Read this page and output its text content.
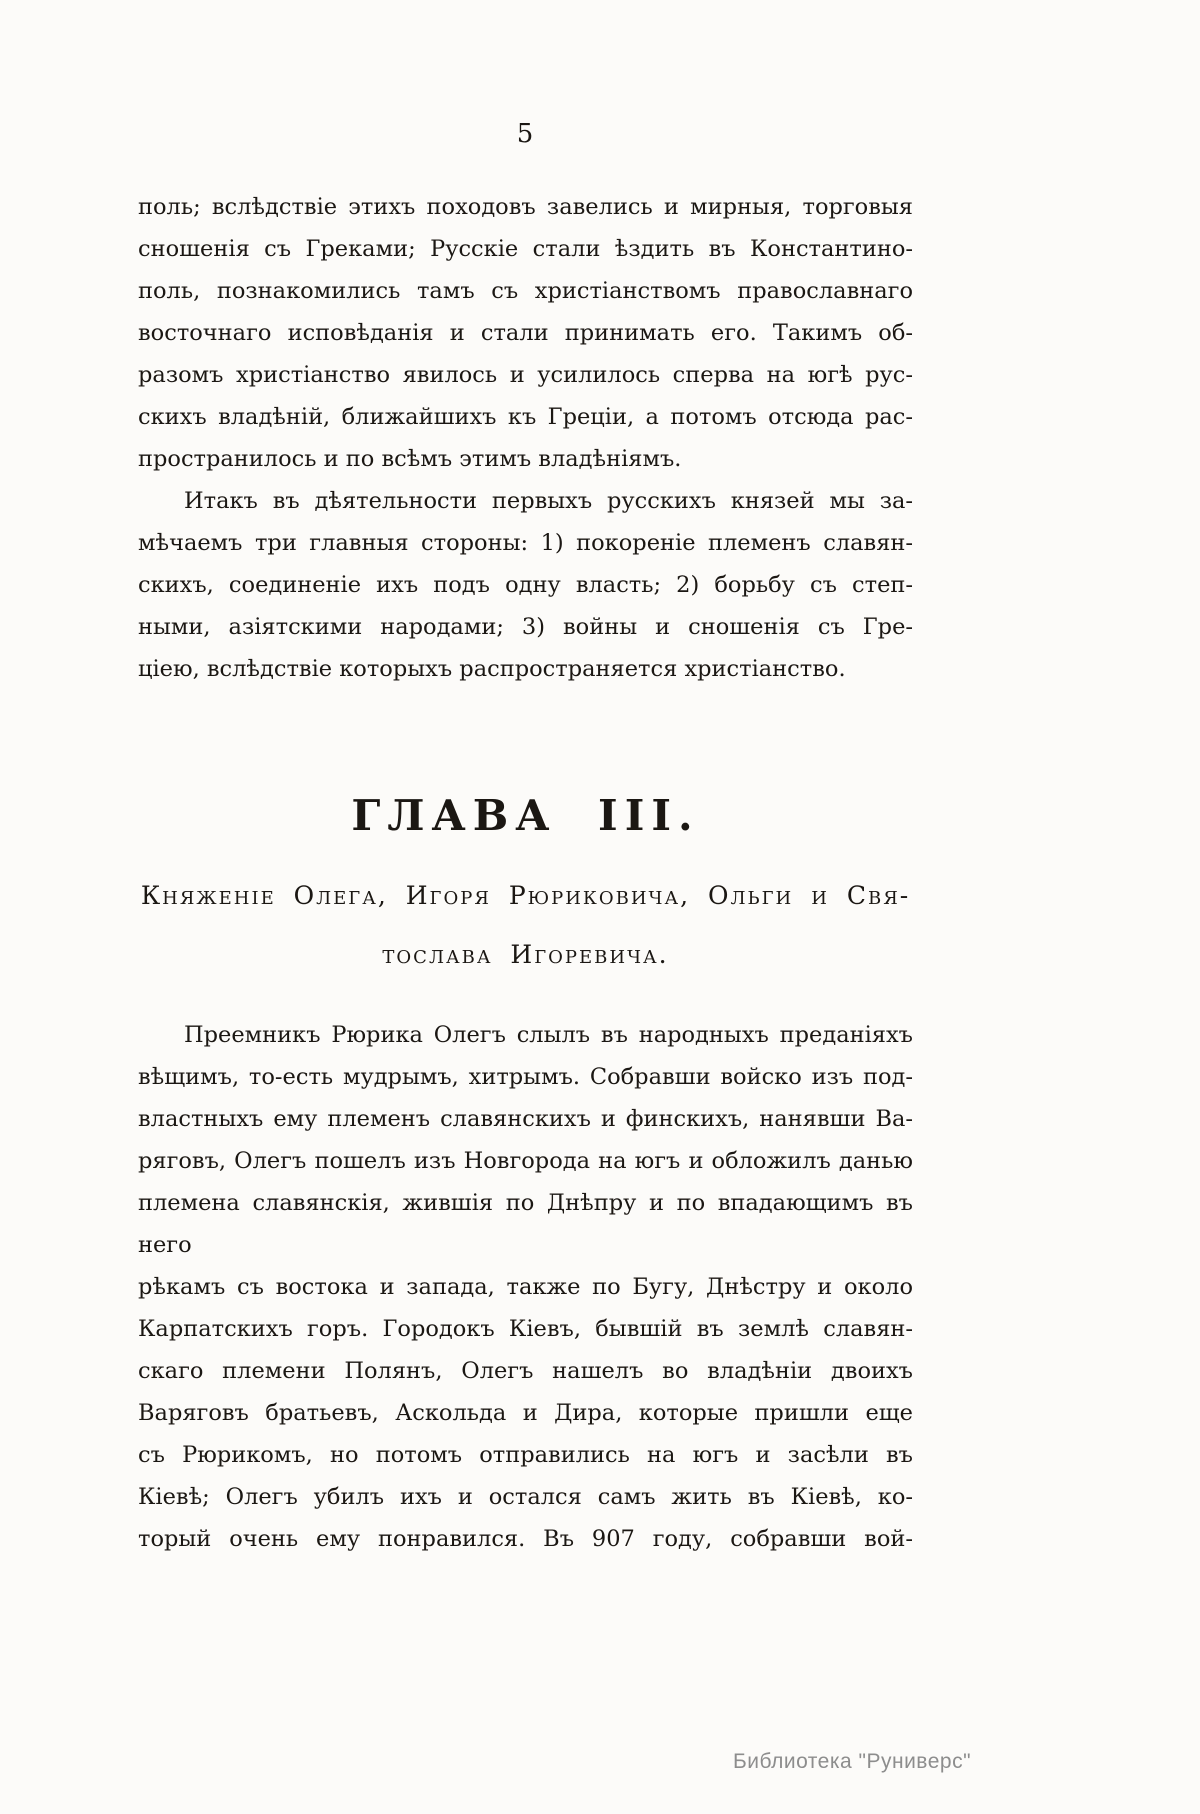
5
поль; вслѣдствіе этихъ походовъ завелись и мирныя, торговыя
сношенія съ Греками; Русскіе стали ѣздить въ Константино-
поль, познакомились тамъ съ христіанствомъ православнаго
восточнаго исповѣданія и стали принимать его. Такимъ об-
разомъ христіанство явилось и усилилось сперва на югѣ рус-
скихъ владѣній, ближайшихъ къ Греціи, а потомъ отсюда рас-
пространилось и по всѣмъ этимъ владѣніямъ.
Итакъ въ дѣятельности первыхъ русскихъ князей мы за-
мѣчаемъ три главныя стороны: 1) покореніе племенъ славян-
скихъ, соединеніе ихъ подъ одну власть; 2) борьбу съ степ-
ными, азіятскими народами; 3) войны и сношенія съ Гре-
ціею, вслѣдствіе которыхъ распространяется христіанство.
ГЛАВА III.
Княженіе Олега, Игоря Рюриковича, Ольги и Свя-
тослава Игоревича.
Преемникъ Рюрика Олегъ слылъ въ народныхъ преданіяхъ
вѣщимъ, то-есть мудрымъ, хитрымъ. Собравши войско изъ под-
властныхъ ему племенъ славянскихъ и финскихъ, нанявши Ва-
ряговъ, Олегъ пошелъ изъ Новгорода на югъ и обложилъ данью
племена славянскія, жившія по Днѣпру и по впадающимъ въ него
рѣкамъ съ востока и запада, также по Бугу, Днѣстру и около
Карпатскихъ горъ. Городокъ Кіевъ, бывшій въ землѣ славян-
скаго племени Полянъ, Олегъ нашелъ во владѣніи двоихъ
Варяговъ братьевъ, Аскольда и Дира, которые пришли еще
съ Рюрикомъ, но потомъ отправились на югъ и засѣли въ
Кіевѣ; Олегъ убилъ ихъ и остался самъ жить въ Кіевѣ, ко-
торый очень ему понравился. Въ 907 году, собравши вой-
Библиотека "Руниверс"
